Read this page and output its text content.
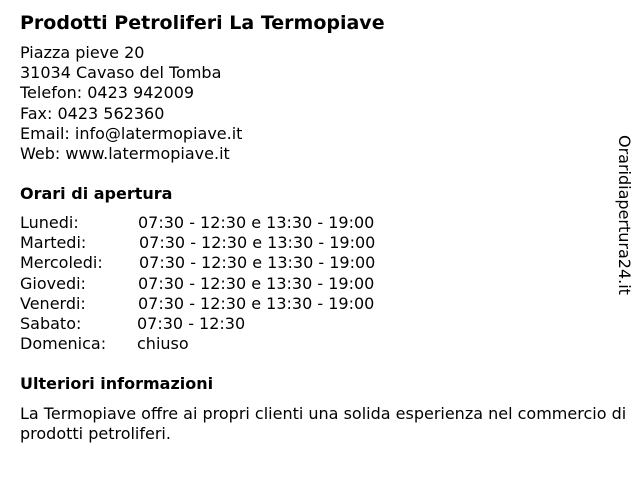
Prodotti Petroliferi La Termopiave
Piazza pieve 20
31034 Cavaso del Tomba
Telefon: 0423 942009
Fax: 0423 562360
Email: info@latermopiave.it
Web: www.latermopiave.it
Orari di apertura
Lunedi:	07:30 - 12:30 e 13:30 - 19:00
Martedi:	07:30 - 12:30 e 13:30 - 19:00
Mercoledi: 07:30 - 12:30 e 13:30 - 19:00
Giovedi:	07:30 - 12:30 e 13:30 - 19:00
Venerdi:	07:30 - 12:30 e 13:30 - 19:00
Sabato:	07:30 - 12:30
Domenica: chiuso
Ulteriori informazioni
La Termopiave offre ai propri clienti una solida esperienza nel commercio di prodotti petroliferi.
Oraridiapertura24.it
